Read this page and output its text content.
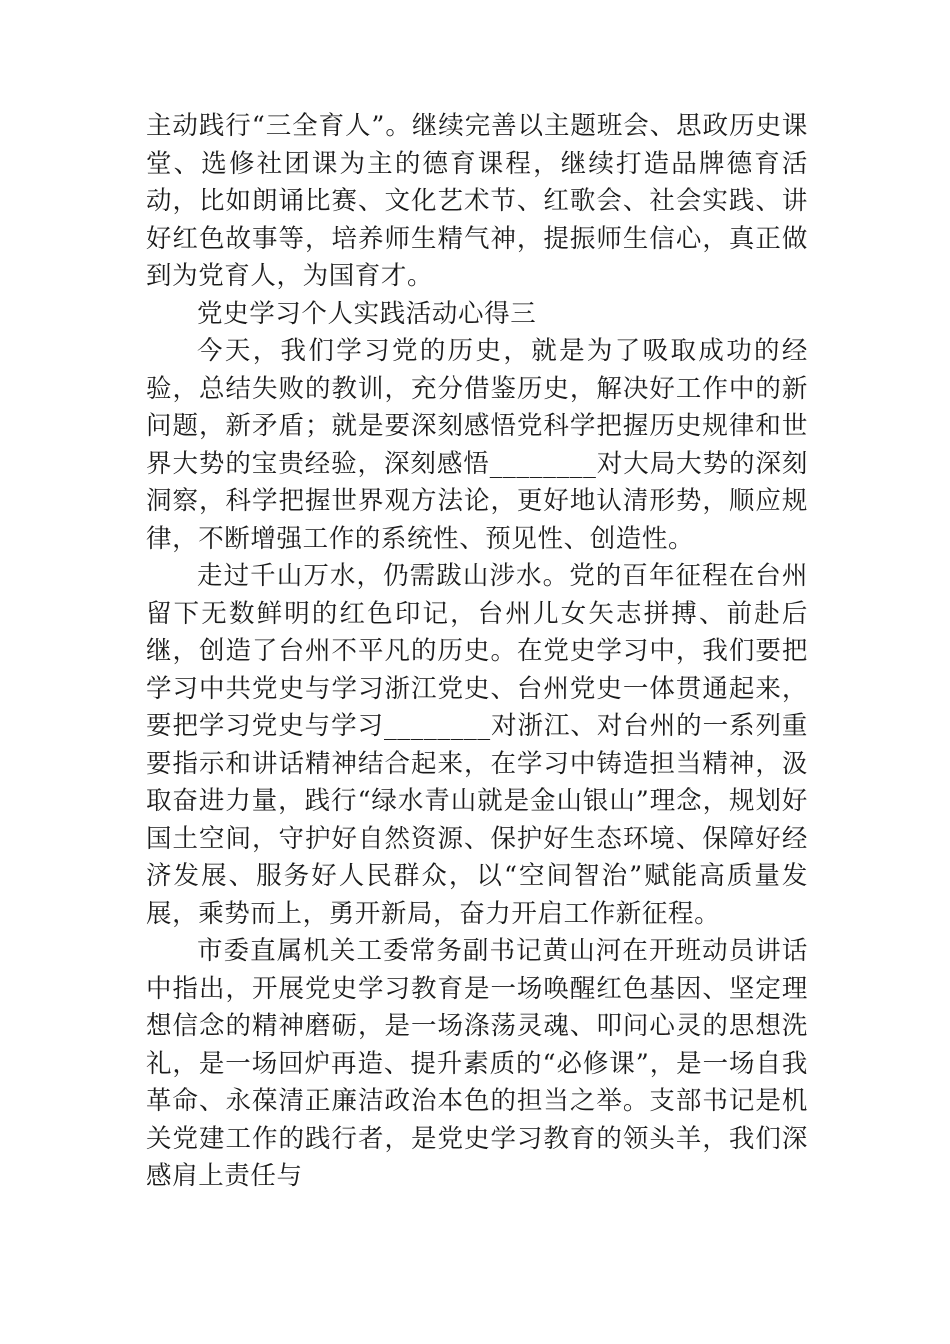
主动践行“三全育人”。继续完善以主题班会、思政历史课堂、选修社团课为主的德育课程，继续打造品牌德育活动，比如朗诵比赛、文化艺术节、红歌会、社会实践、讲好红色故事等，培养师生精气神，提振师生信心，真正做到为党育人，为国育才。

党史学习个人实践活动心得三

今天，我们学习党的历史，就是为了吸取成功的经验，总结失败的教训，充分借鉴历史，解决好工作中的新问题，新矛盾；就是要深刻感悟党科学把握历史规律和世界大势的宝贵经验，深刻感悟________对大局大势的深刻洞察，科学把握世界观方法论，更好地认清形势，顺应规律，不断增强工作的系统性、预见性、创造性。

走过千山万水，仍需跋山涉水。党的百年征程在台州留下无数鲜明的红色印记，台州儿女矢志拼搏、前赴后继，创造了台州不平凡的历史。在党史学习中，我们要把学习中共党史与学习浙江党史、台州党史一体贯通起来，要把学习党史与学习________对浙江、对台州的一系列重要指示和讲话精神结合起来，在学习中铸造担当精神，汲取奋进力量，践行“绿水青山就是金山银山”理念，规划好国土空间，守护好自然资源、保护好生态环境、保障好经济发展、服务好人民群众，以“空间智治”赋能高质量发展，乘势而上，勇开新局，奋力开启工作新征程。

市委直属机关工委常务副书记黄山河在开班动员讲话中指出，开展党史学习教育是一场唤醒红色基因、坚定理想信念的精神磨砺，是一场涤荡灵魂、叩问心灵的思想洗礼，是一场回炉再造、提升素质的“必修课”，是一场自我革命、永葆清正廉洁政治本色的担当之举。支部书记是机关党建工作的践行者，是党史学习教育的领头羊，我们深感肩上责任与
